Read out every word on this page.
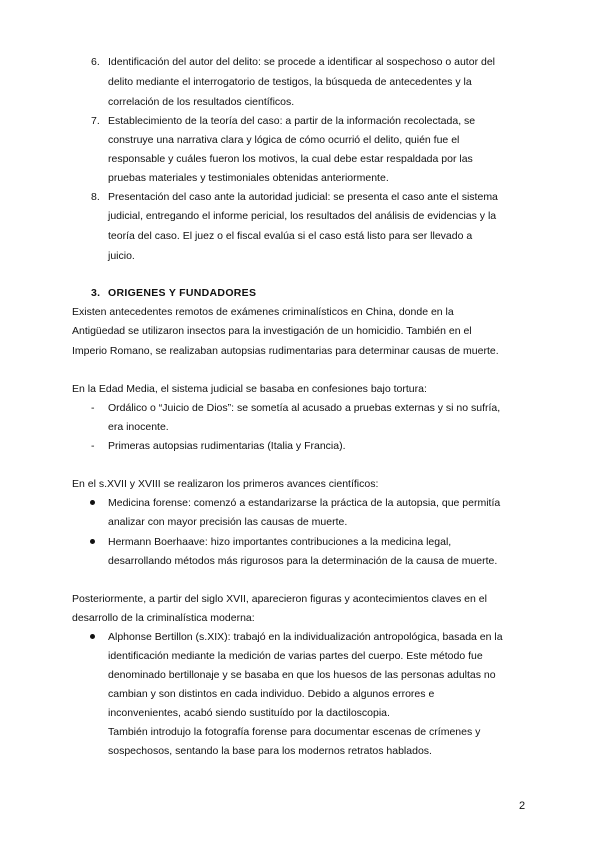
6. Identificación del autor del delito: se procede a identificar al sospechoso o autor del
delito mediante el interrogatorio de testigos, la búsqueda de antecedentes y la
correlación de los resultados científicos.
7. Establecimiento de la teoría del caso: a partir de la información recolectada, se
construye una narrativa clara y lógica de cómo ocurrió el delito, quién fue el
responsable y cuáles fueron los motivos, la cual debe estar respaldada por las
pruebas materiales y testimoniales obtenidas anteriormente.
8. Presentación del caso ante la autoridad judicial: se presenta el caso ante el sistema
judicial, entregando el informe pericial, los resultados del análisis de evidencias y la
teoría del caso. El juez o el fiscal evalúa si el caso está listo para ser llevado a
juicio.
3. ORIGENES Y FUNDADORES
Existen antecedentes remotos de exámenes criminalísticos en China, donde en la
Antigüedad se utilizaron insectos para la investigación de un homicidio. También en el
Imperio Romano, se realizaban autopsias rudimentarias para determinar causas de muerte.
En la Edad Media, el sistema judicial se basaba en confesiones bajo tortura:
- Ordálico o “Juicio de Dios”: se sometía al acusado a pruebas externas y si no sufría,
era inocente.
- Primeras autopsias rudimentarias (Italia y Francia).
En el s.XVII y XVIII se realizaron los primeros avances científicos:
Medicina forense: comenzó a estandarizarse la práctica de la autopsia, que permitía
analizar con mayor precisión las causas de muerte.
Hermann Boerhaave: hizo importantes contribuciones a la medicina legal,
desarrollando métodos más rigurosos para la determinación de la causa de muerte.
Posteriormente, a partir del siglo XVII, aparecieron figuras y acontecimientos claves en el
desarrollo de la criminalística moderna:
Alphonse Bertillon (s.XIX): trabajó en la individualización antropológica, basada en la
identificación mediante la medición de varias partes del cuerpo. Este método fue
denominado bertillonaje y se basaba en que los huesos de las personas adultas no
cambian y son distintos en cada individuo. Debido a algunos errores e
inconvenientes, acabó siendo sustituído por la dactiloscopia.
También introdujo la fotografía forense para documentar escenas de crímenes y
sospechosos, sentando la base para los modernos retratos hablados.
2
